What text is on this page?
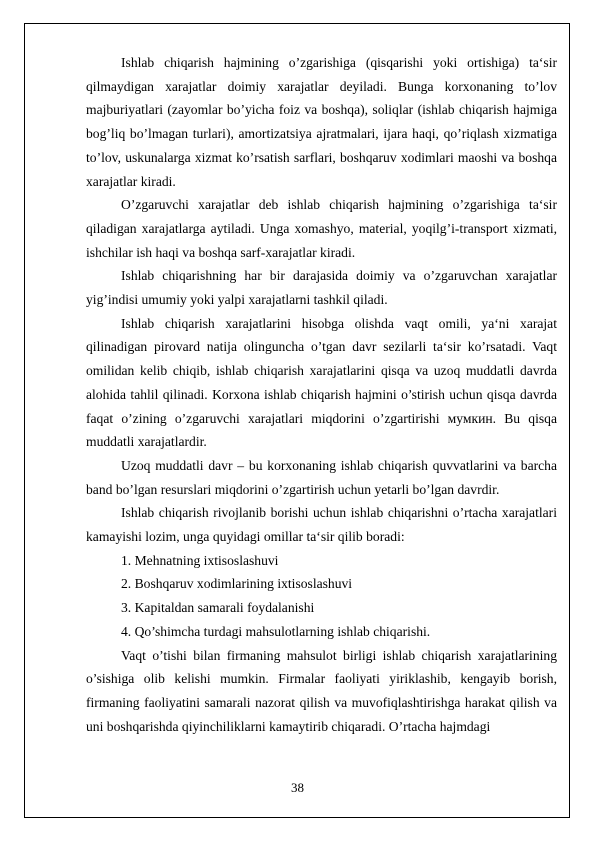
Ishlab chiqarish hajmining o’zgarishiga (qisqarishi yoki ortishiga) ta‘sir qilmaydigan xarajatlar doimiy xarajatlar deyiladi. Bunga korxonaning to’lov majburiyatlari (zayomlar bo’yicha foiz va boshqa), soliqlar (ishlab chiqarish hajmiga bog’liq bo’lmagan turlari), amortizatsiya ajratmalari, ijara haqi, qo’riqlash xizmatiga to’lov, uskunalarga xizmat ko’rsatish sarflari, boshqaruv xodimlari maoshi va boshqa xarajatlar kiradi.

O’zgaruvchi xarajatlar deb ishlab chiqarish hajmining o’zgarishiga ta‘sir qiladigan xarajatlarga aytiladi. Unga xomashyo, material, yoqilg’i-transport xizmati, ishchilar ish haqi va boshqa sarf-xarajatlar kiradi.

Ishlab chiqarishning har bir darajasida doimiy va o’zgaruvchan xarajatlar yig’indisi umumiy yoki yalpi xarajatlarni tashkil qiladi.

Ishlab chiqarish xarajatlarini hisobga olishda vaqt omili, ya‘ni xarajat qilinadigan pirovard natija olinguncha o’tgan davr sezilarli ta‘sir ko’rsatadi. Vaqt omilidan kelib chiqib, ishlab chiqarish xarajatlarini qisqa va uzoq muddatli davrda alohida tahlil qilinadi. Korxona ishlab chiqarish hajmini o’stirish uchun qisqa davrda faqat o’zining o’zgaruvchi xarajatlari miqdorini o’zgartirishi мумкин. Bu qisqa muddatli xarajatlardir.

Uzoq muddatli davr – bu korxonaning ishlab chiqarish quvvatlarini va barcha band bo’lgan resurslari miqdorini o’zgartirish uchun yetarli bo’lgan davrdir.

Ishlab chiqarish rivojlanib borishi uchun ishlab chiqarishni o’rtacha xarajatlari kamayishi lozim, unga quyidagi omillar ta‘sir qilib boradi:

1. Mehnatning ixtisoslashuvi

2. Boshqaruv xodimlarining ixtisoslashuvi

3. Kapitaldan samarali foydalanishi

4. Qo’shimcha turdagi mahsulotlarning ishlab chiqarishi.

Vaqt o’tishi bilan firmaning mahsulot birligi ishlab chiqarish xarajatlarining o’sishiga olib kelishi mumkin. Firmalar faoliyati yiriklashib, kengayib borish, firmaning faoliyatini samarali nazorat qilish va muvofiqlashtirishga harakat qilish va uni boshqarishda qiyinchiliklarni kamaytirib chiqaradi. O’rtacha hajmdagi

38
